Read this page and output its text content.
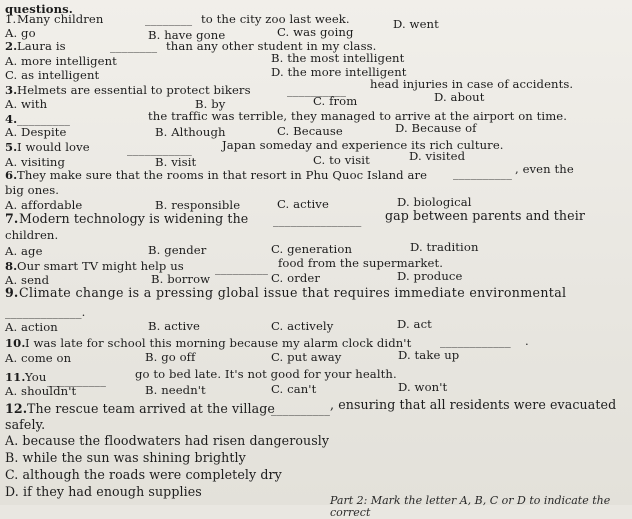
questions.
1. Many children	________ to the city zoo last week.
A. go	B. have gone	C. was going
D. went
2. Laura is	________ than any other student in my class.
A. more intelligent	B. the most intelligent
C. as intelligent	D. the more intelligent
3. Helmets are essential to protect bikers	__________ head injuries in case of accidents.
A. with	B. by	C. from	D. about
4. _________	the traffic was terrible, they managed to arrive at the airport on time.
A. Despite	B. Although	C. Because	D. Because of
5. I would love	___________	Japan someday and experience its rich culture.
A. visiting	B. visit	C. to visit	D. visited
6. They make sure that the rooms in that resort in Phu Quoc Island are __________ , even the
big ones.
A. affordable	B. responsible	C. active	D. biological
7. Modern technology is widening the _______________ gap between parents and their
children.
A. age	B. gender	C. generation	D. tradition
8. Our smart TV might help us	_________ food from the supermarket.
A. send	B. borrow	C. order	D. produce
9. Climate change is a pressing global issue that requires immediate environmental
_____________.
A. action	B. active	C. actively	D. act
10. I was late for school this morning because my alarm clock didn't ____________ .
A. come on	B. go off	C. put away	D. take up
11. You __________	go to bed late. It's not good for your health.
A. shouldn't	B. needn't	C. can't	D. won't
12. The rescue team arrived at the village
__________ , ensuring that all residents were evacuated
safely.
A. because the floodwaters had risen dangerously
B. while the sun was shining brightly
C. although the roads were completely dry
D. if they had enough supplies
Part 2: Mark the letter A, B, C or D to indicate the correct
